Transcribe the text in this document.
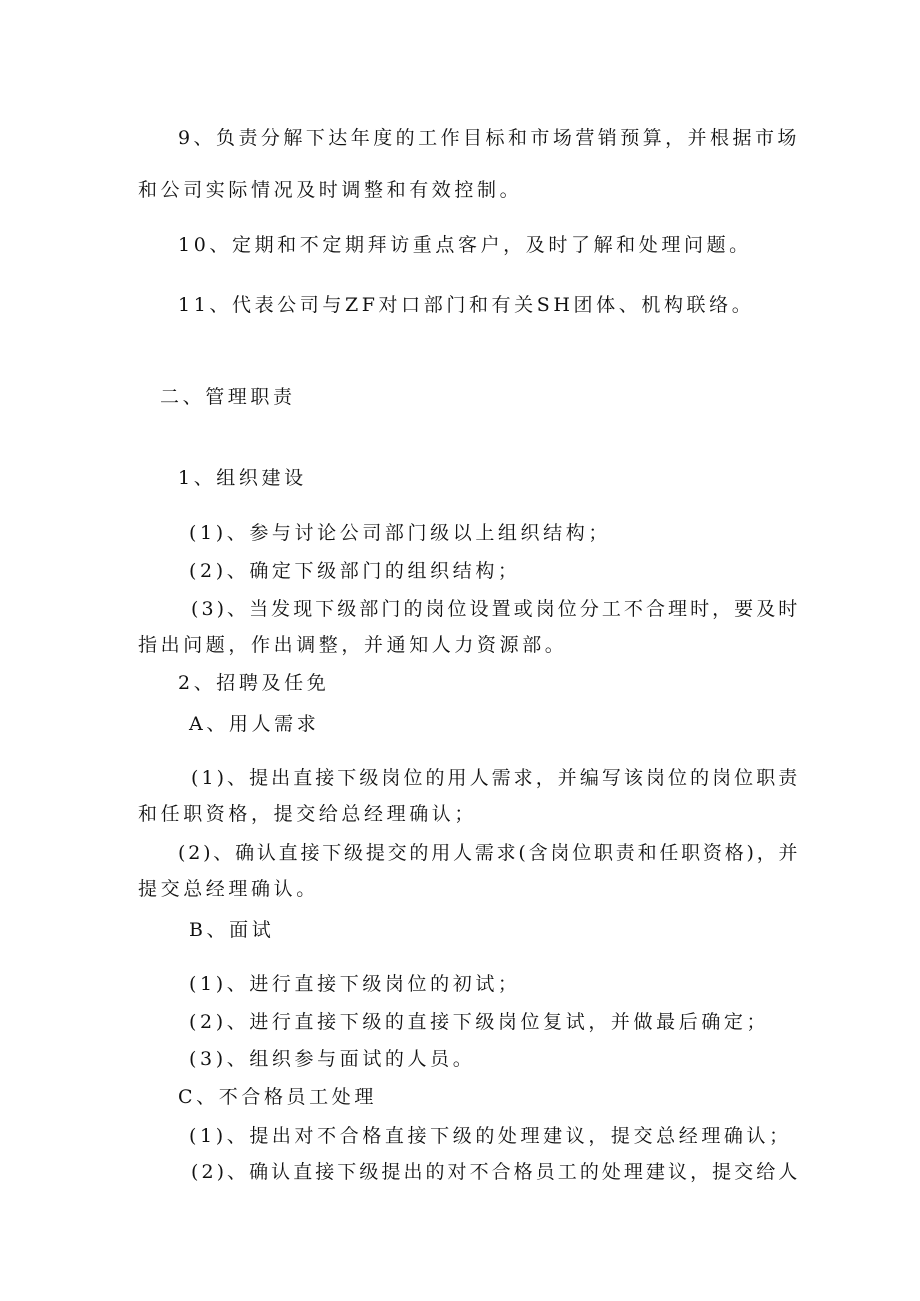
9、负责分解下达年度的工作目标和市场营销预算，并根据市场
和公司实际情况及时调整和有效控制。
10、定期和不定期拜访重点客户，及时了解和处理问题。
11、代表公司与ZF对口部门和有关SH团体、机构联络。
二、管理职责
1、组织建设
(1)、参与讨论公司部门级以上组织结构；
(2)、确定下级部门的组织结构；
(3)、当发现下级部门的岗位设置或岗位分工不合理时，要及时
指出问题，作出调整，并通知人力资源部。
2、招聘及任免
A、用人需求
(1)、提出直接下级岗位的用人需求，并编写该岗位的岗位职责
和任职资格，提交给总经理确认；
(2)、确认直接下级提交的用人需求(含岗位职责和任职资格)，并
提交总经理确认。
B、面试
(1)、进行直接下级岗位的初试；
(2)、进行直接下级的直接下级岗位复试，并做最后确定；
(3)、组织参与面试的人员。
C、不合格员工处理
(1)、提出对不合格直接下级的处理建议，提交总经理确认；
(2)、确认直接下级提出的对不合格员工的处理建议，提交给人
